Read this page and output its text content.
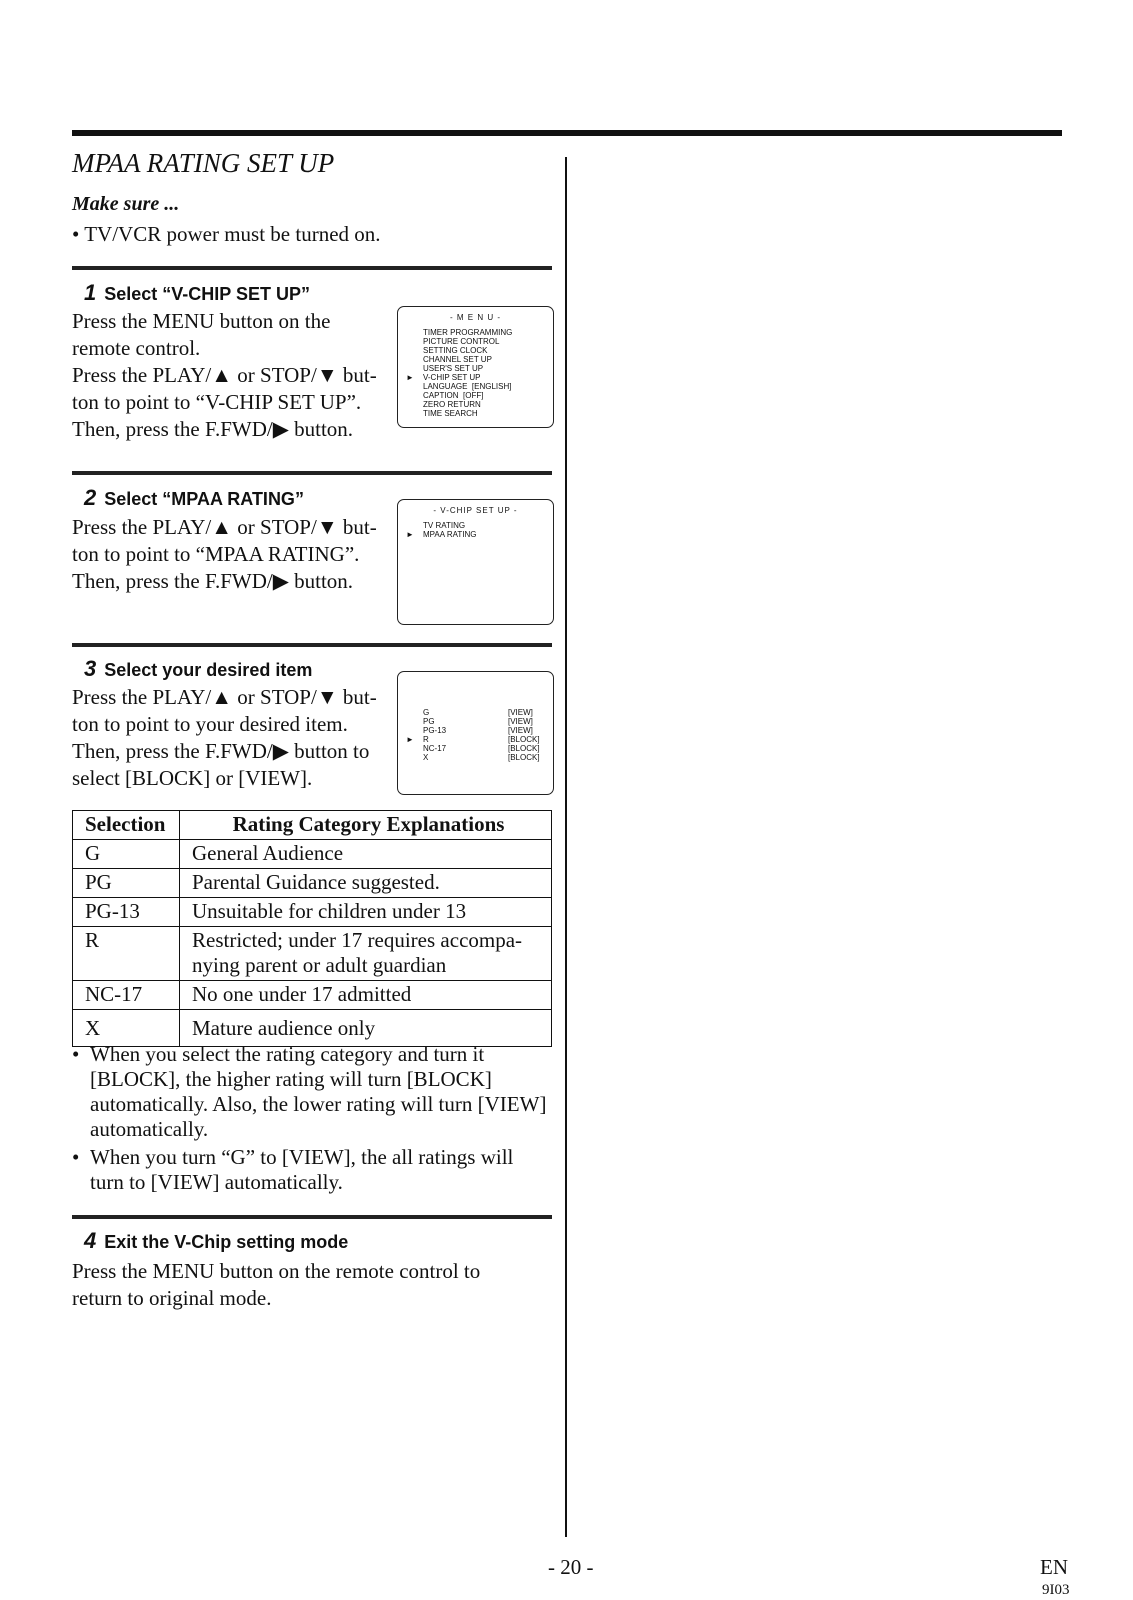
MPAA RATING SET UP
Make sure ...
• TV/VCR power must be turned on.
1 Select “V-CHIP SET UP”

Press the MENU button on the

remote control.

Press the PLAY/▲ or STOP/▼ but-

ton to point to “V-CHIP SET UP”.

Then, press the F.FWD/▶ button.

- M E N U -
TIMER PROGRAMMING
PICTURE CONTROL
SETTING CLOCK
CHANNEL SET UP
USER'S SET UP
► V-CHIP SET UP
LANGUAGE  [ENGLISH]
CAPTION  [OFF]
ZERO RETURN
TIME SEARCH
2 Select “MPAA RATING”

Press the PLAY/▲ or STOP/▼ but-

ton to point to “MPAA RATING”.

Then, press the F.FWD/▶ button.

- V-CHIP SET UP -
TV RATING
► MPAA RATING
3 Select your desired item

Press the PLAY/▲ or STOP/▼ but-

ton to point to your desired item.

Then, press the F.FWD/▶ button to

select [BLOCK] or [VIEW].

G	[VIEW]
PG	[VIEW]
PG-13	[VIEW]
► R	[BLOCK]
NC-17	[BLOCK]
X	[BLOCK]
Selection	Rating Category Explanations
G	General Audience
PG	Parental Guidance suggested.
PG-13	Unsuitable for children under 13
R	Restricted; under 17 requires accompa-nying parent or adult guardian
NC-17	No one under 17 admitted
X	Mature audience only
• When you select the rating category and turn it [BLOCK], the higher rating will turn [BLOCK] automatically. Also, the lower rating will turn [VIEW] automatically.
• When you turn “G” to [VIEW], the all ratings will turn to [VIEW] automatically.
4 Exit the V-Chip setting mode

Press the MENU button on the remote control to

return to original mode.

- 20 -	EN
9I03
